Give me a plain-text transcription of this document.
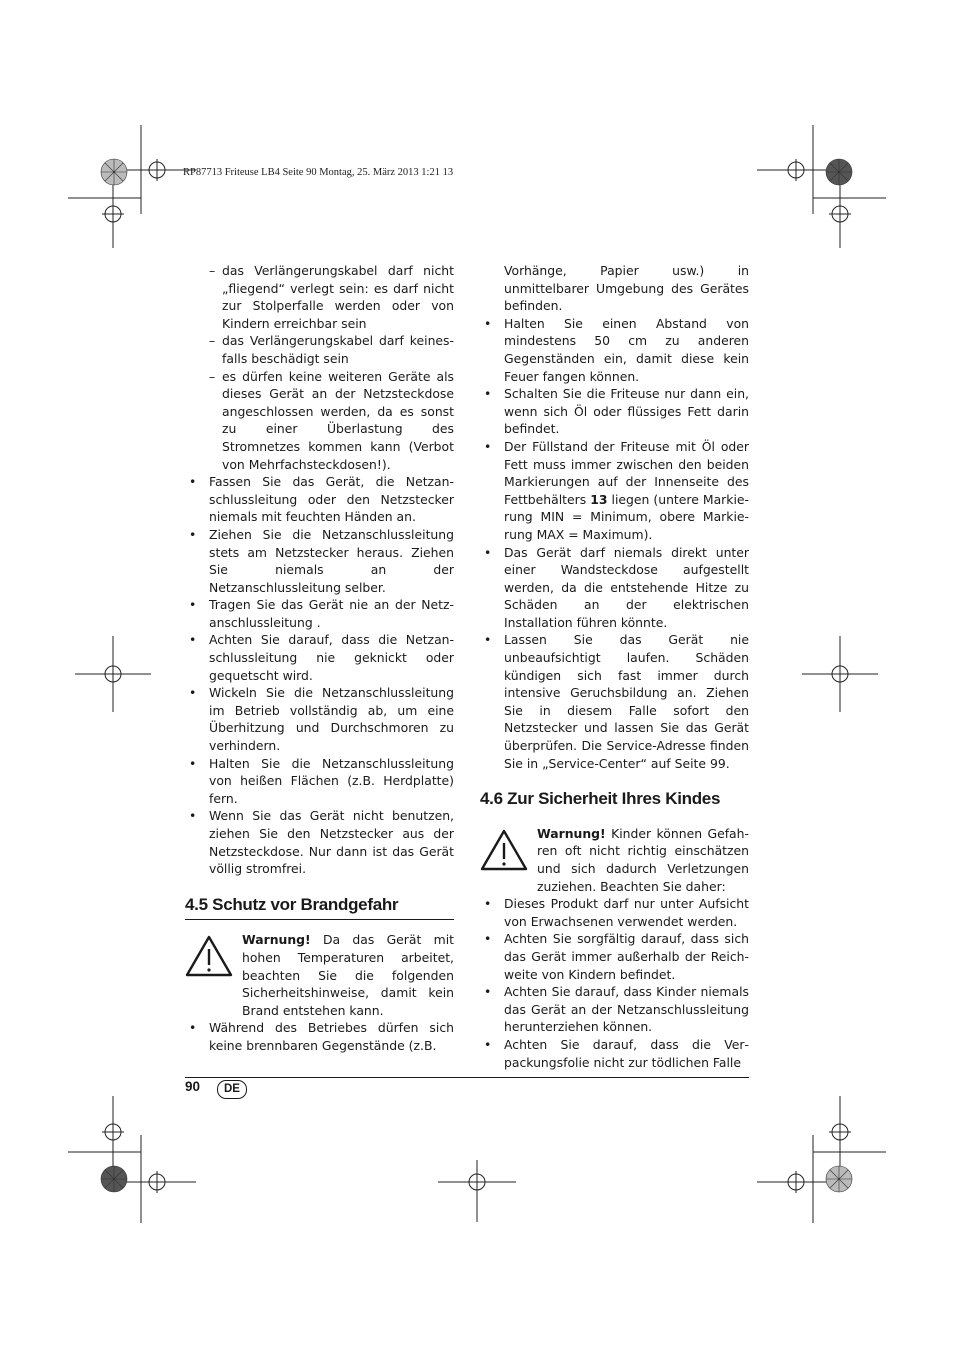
RP87713 Friteuse LB4 Seite 90 Montag, 25. März 2013 1:21 13
– das Verlängerungskabel darf nicht „fliegend“ verlegt sein: es darf nicht zur Stolperfalle werden oder von Kindern erreichbar sein
– das Verlängerungskabel darf keinesfalls beschädigt sein
– es dürfen keine weiteren Geräte als dieses Gerät an der Netzsteckdose angeschlossen werden, da es sonst zu einer Überlastung des Stromnetzes kommen kann (Verbot von Mehrfachsteckdosen!).
• Fassen Sie das Gerät, die Netzanschlussleitung oder den Netzstecker niemals mit feuchten Händen an.
• Ziehen Sie die Netzanschlussleitung stets am Netzstecker heraus. Ziehen Sie niemals an der Netzanschlussleitung selber.
• Tragen Sie das Gerät nie an der Netzanschlussleitung .
• Achten Sie darauf, dass die Netzanschlussleitung nie geknickt oder gequetscht wird.
• Wickeln Sie die Netzanschlussleitung im Betrieb vollständig ab, um eine Überhitzung und Durchschmoren zu verhindern.
• Halten Sie die Netzanschlussleitung von heißen Flächen (z.B. Herdplatte) fern.
• Wenn Sie das Gerät nicht benutzen, ziehen Sie den Netzstecker aus der Netzsteckdose. Nur dann ist das Gerät völlig stromfrei.
4.5 Schutz vor Brandgefahr
Warnung! Da das Gerät mit hohen Temperaturen arbeitet, beachten Sie die folgenden Sicherheitshinweise, damit kein Brand entstehen kann.
• Während des Betriebes dürfen sich keine brennbaren Gegenstände (z.B.
Vorhänge, Papier usw.) in unmittelbarer Umgebung des Gerätes befinden.
• Halten Sie einen Abstand von mindestens 50 cm zu anderen Gegenständen ein, damit diese kein Feuer fangen können.
• Schalten Sie die Friteuse nur dann ein, wenn sich Öl oder flüssiges Fett darin befindet.
• Der Füllstand der Friteuse mit Öl oder Fett muss immer zwischen den beiden Markierungen auf der Innenseite des Fettbehälters 13 liegen (untere Markierung MIN = Minimum, obere Markierung MAX = Maximum).
• Das Gerät darf niemals direkt unter einer Wandsteckdose aufgestellt werden, da die entstehende Hitze zu Schäden an der elektrischen Installation führen könnte.
• Lassen Sie das Gerät nie unbeaufsichtigt laufen. Schäden kündigen sich fast immer durch intensive Geruchsbildung an. Ziehen Sie in diesem Falle sofort den Netzstecker und lassen Sie das Gerät überprüfen. Die Service-Adresse finden Sie in „Service-Center“ auf Seite 99.
4.6 Zur Sicherheit Ihres Kindes
Warnung! Kinder können Gefahren oft nicht richtig einschätzen und sich dadurch Verletzungen zuziehen. Beachten Sie daher:
• Dieses Produkt darf nur unter Aufsicht von Erwachsenen verwendet werden.
• Achten Sie sorgfältig darauf, dass sich das Gerät immer außerhalb der Reichweite von Kindern befindet.
• Achten Sie darauf, dass Kinder niemals das Gerät an der Netzanschlussleitung herunterziehen können.
• Achten Sie darauf, dass die Verpackungsfolie nicht zur tödlichen Falle
90	DE
